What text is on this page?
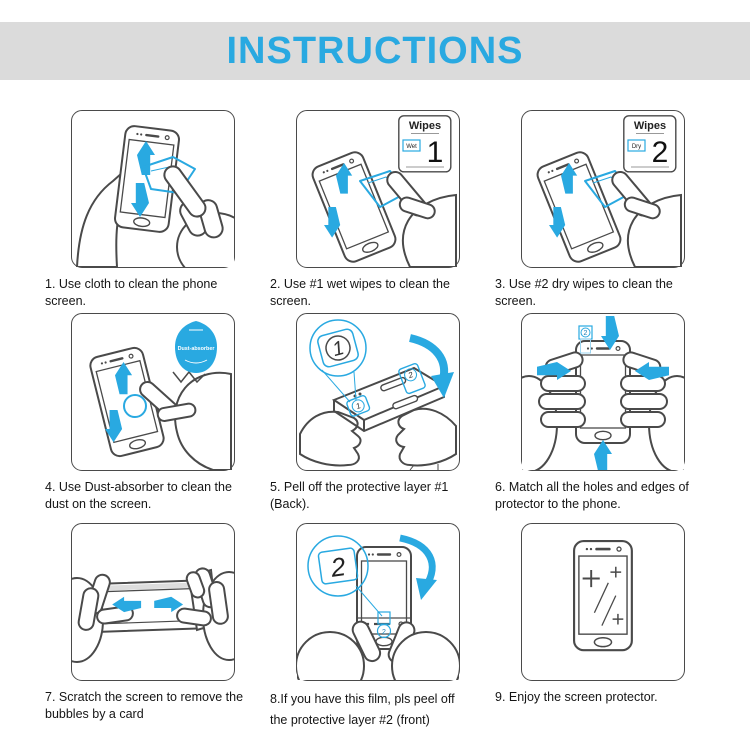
INSTRUCTIONS
1. Use cloth to clean the phone screen.
Wipes
Wet 1
2. Use #1 wet wipes to clean the screen.
Wipes
Dry 2
3. Use #2 dry wipes to clean the screen.
Dust-absorber
4. Use Dust-absorber to clean the dust on the screen.
1
2
1
5. Pell off the protective layer #1 (Back).
2
6. Match all the holes and edges of protector to the phone.
7. Scratch the screen to remove the bubbles by a card
2
2
8.If you have this film, pls peel off the protective layer #2 (front)
9. Enjoy the screen protector.
